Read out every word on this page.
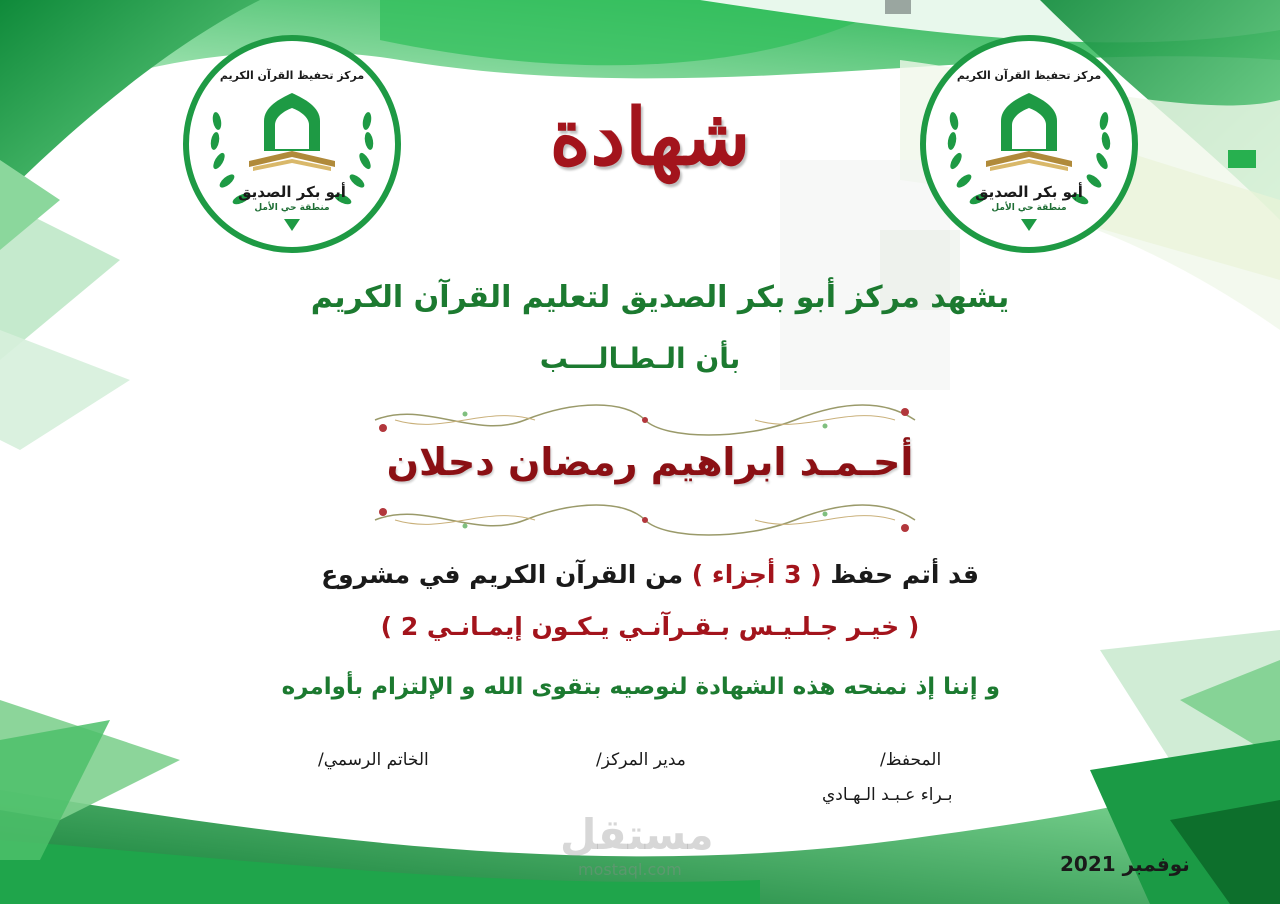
أبو بكر الصديق
منطقة حي الأمل
مركز تحفيظ القرآن الكريم
أبو بكر الصديق
منطقة حي الأمل
مركز تحفيظ القرآن الكريم
شهادة
يشهد مركز أبو بكر الصديق لتعليم القرآن الكريم
بأن الـطـالـــب
أحـمـد ابراهيم رمضان دحلان
قد أتم حفظ ( 3 أجزاء ) من القرآن الكريم في مشروع
( خيـر جـلـيـس بـقـرآنـي يـكـون إيمـانـي 2 )
و إننا إذ نمنحه هذه الشهادة لنوصيه بتقوى الله و الإلتزام بأوامره
المحفظ/
بـراء عـبـد الـهـادي
مدير المركز/
الخاتم الرسمي/
مستقل
mostaql.com	نوفمبر 2021
